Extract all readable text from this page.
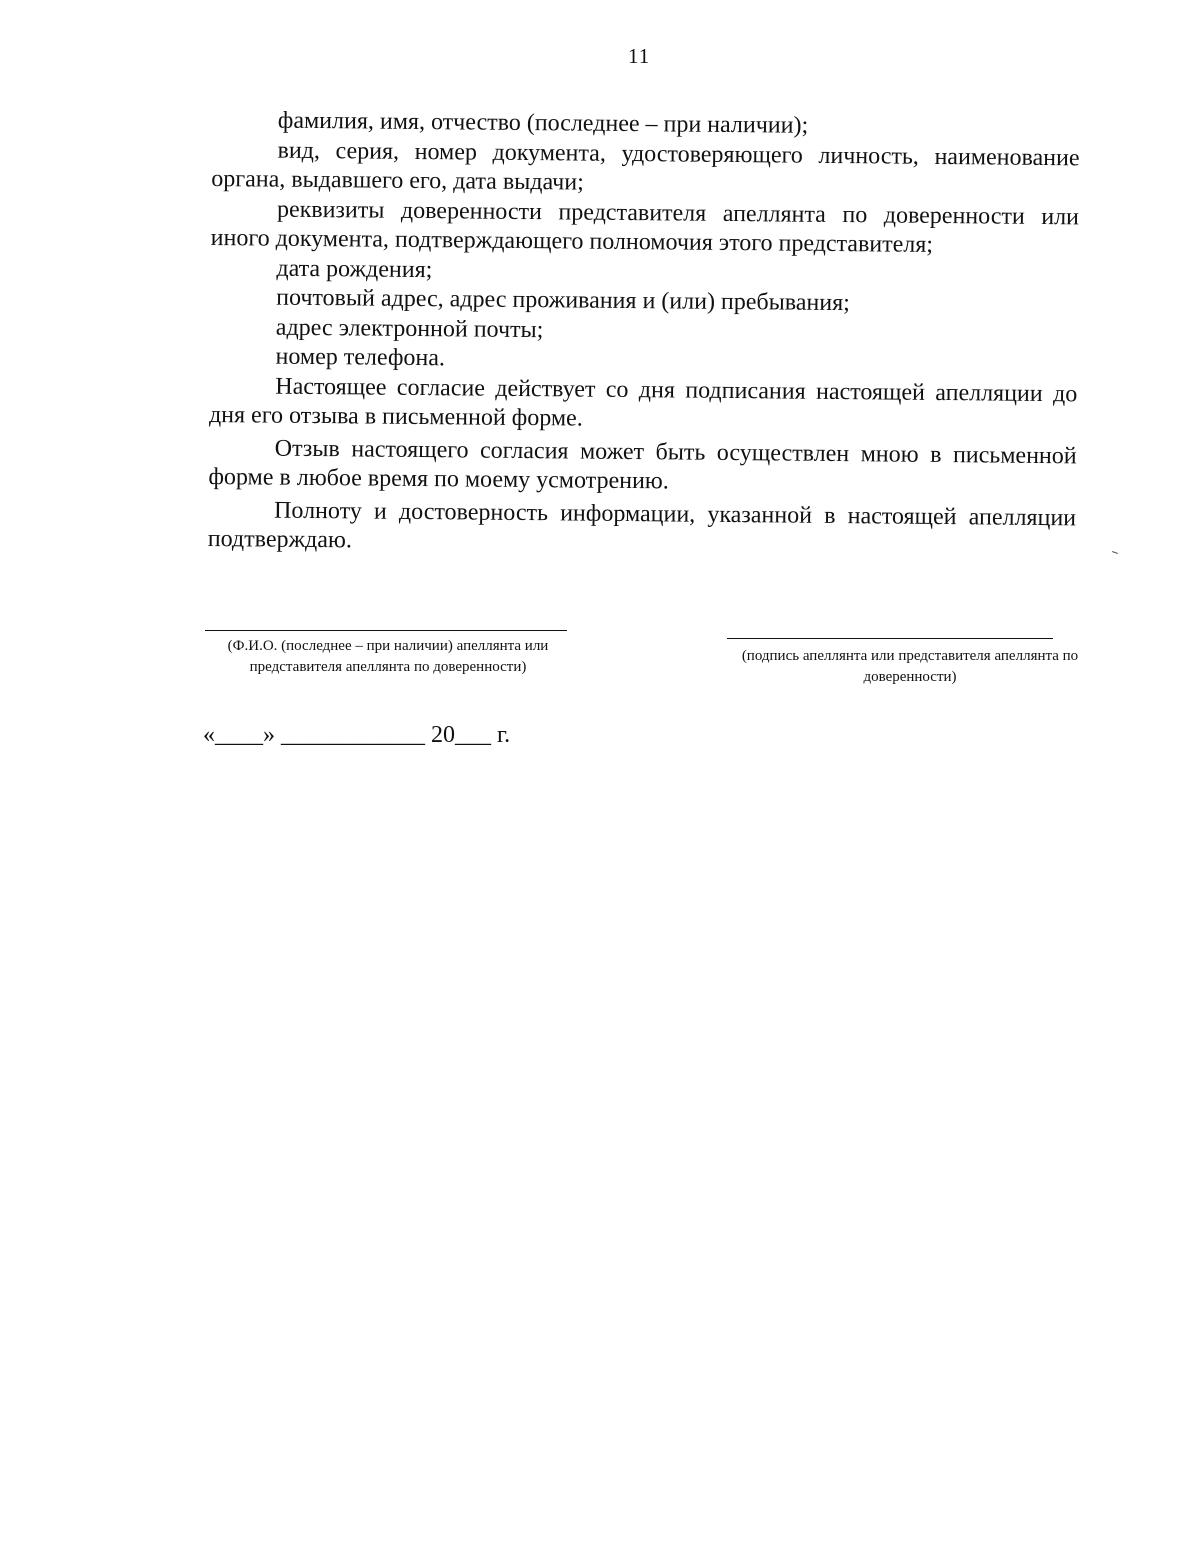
11

фамилия, имя, отчество (последнее – при наличии);

вид, серия, номер документа, удостоверяющего личность, наименование органа, выдавшего его, дата выдачи;

реквизиты доверенности представителя апеллянта по доверенности или иного документа, подтверждающего полномочия этого представителя;

дата рождения;

почтовый адрес, адрес проживания и (или) пребывания;

адрес электронной почты;

номер телефона.

Настоящее согласие действует со дня подписания настоящей апелляции до дня его отзыва в письменной форме.

Отзыв настоящего согласия может быть осуществлен мною в письменной форме в любое время по моему усмотрению.

Полноту и достоверность информации, указанной в настоящей апелляции подтверждаю.

(Ф.И.О. (последнее – при наличии) апеллянта или представителя апеллянта по доверенности)
(подпись апеллянта или представителя апеллянта по доверенности)
«____» ____________ 20___ г.
